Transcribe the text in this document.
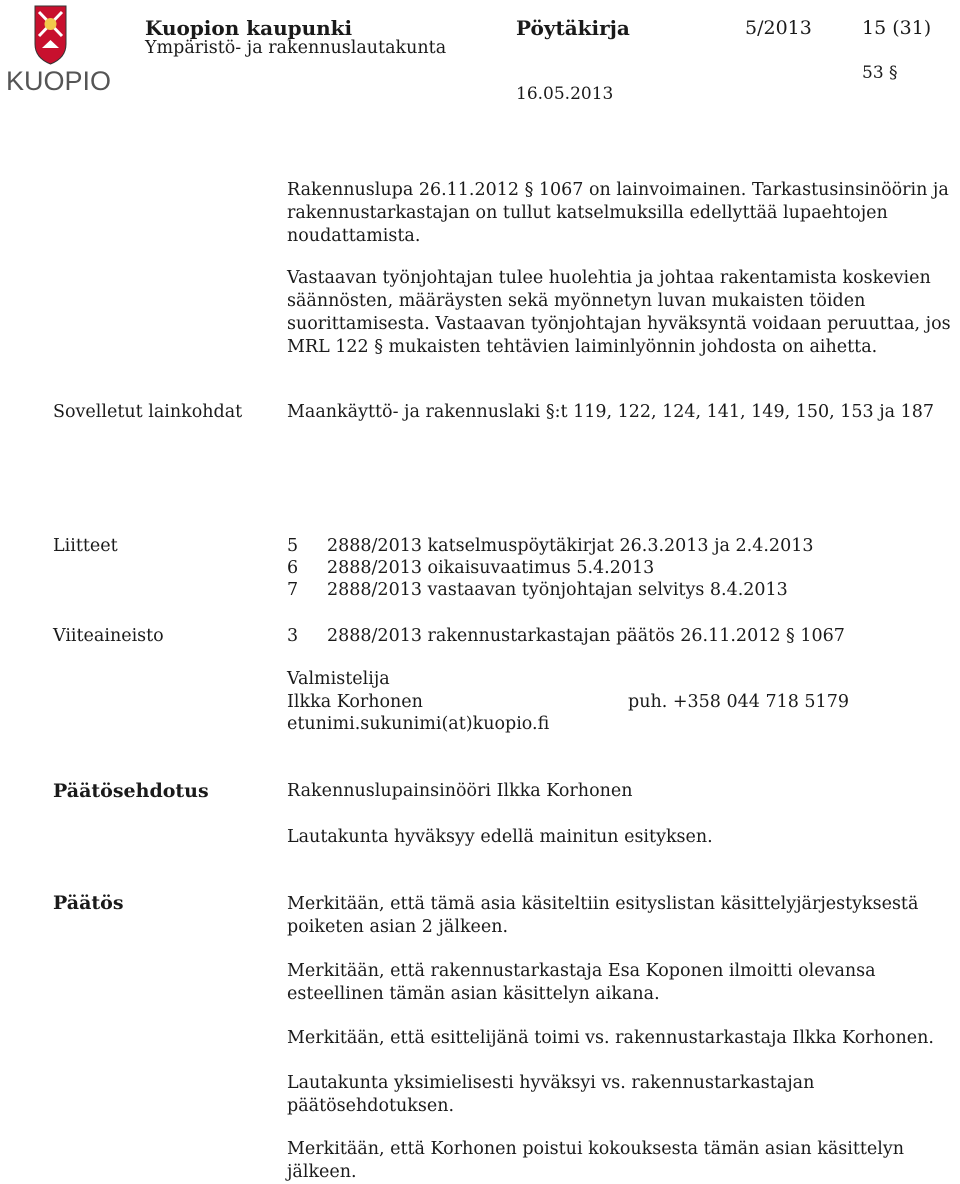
KUOPIO
Kuopion kaupunki
Ympäristö- ja rakennuslautakunta
Pöytäkirja	5/2013	15 (31)
53 §
16.05.2013

Rakennuslupa 26.11.2012 § 1067 on lainvoimainen. Tarkastusinsinöörin ja rakennustarkastajan on tullut katselmuksilla edellyttää lupaehtojen noudattamista.

Vastaavan työnjohtajan tulee huolehtia ja johtaa rakentamista koskevien säännösten, määräysten sekä myönnetyn luvan mukaisten töiden suorittamisesta. Vastaavan työnjohtajan hyväksyntä voidaan peruuttaa, jos MRL 122 § mukaisten tehtävien laiminlyönnin johdosta on aihetta.

Sovelletut lainkohdat	Maankäyttö- ja rakennuslaki §:t 119, 122, 124, 141, 149, 150, 153 ja 187
Liitteet	5 2888/2013 katselmuspöytäkirjat 26.3.2013 ja 2.4.2013
6 2888/2013 oikaisuvaatimus 5.4.2013
7 2888/2013 vastaavan työnjohtajan selvitys 8.4.2013
Viiteaineisto	3 2888/2013 rakennustarkastajan päätös 26.11.2012 § 1067
Valmistelija
Ilkka Korhonen	puh. +358 044 718 5179
etunimi.sukunimi(at)kuopio.fi
Päätösehdotus	Rakennuslupainsinööri Ilkka Korhonen
Lautakunta hyväksyy edellä mainitun esityksen.
Päätös	Merkitään, että tämä asia käsiteltiin esityslistan käsittelyjärjestyksestä poiketen asian 2 jälkeen.

Merkitään, että rakennustarkastaja Esa Koponen ilmoitti olevansa esteellinen tämän asian käsittelyn aikana.

Merkitään, että esittelijänä toimi vs. rakennustarkastaja Ilkka Korhonen.

Lautakunta yksimielisesti hyväksyi vs. rakennustarkastajan päätösehdotuksen.

Merkitään, että Korhonen poistui kokouksesta tämän asian käsittelyn jälkeen.
